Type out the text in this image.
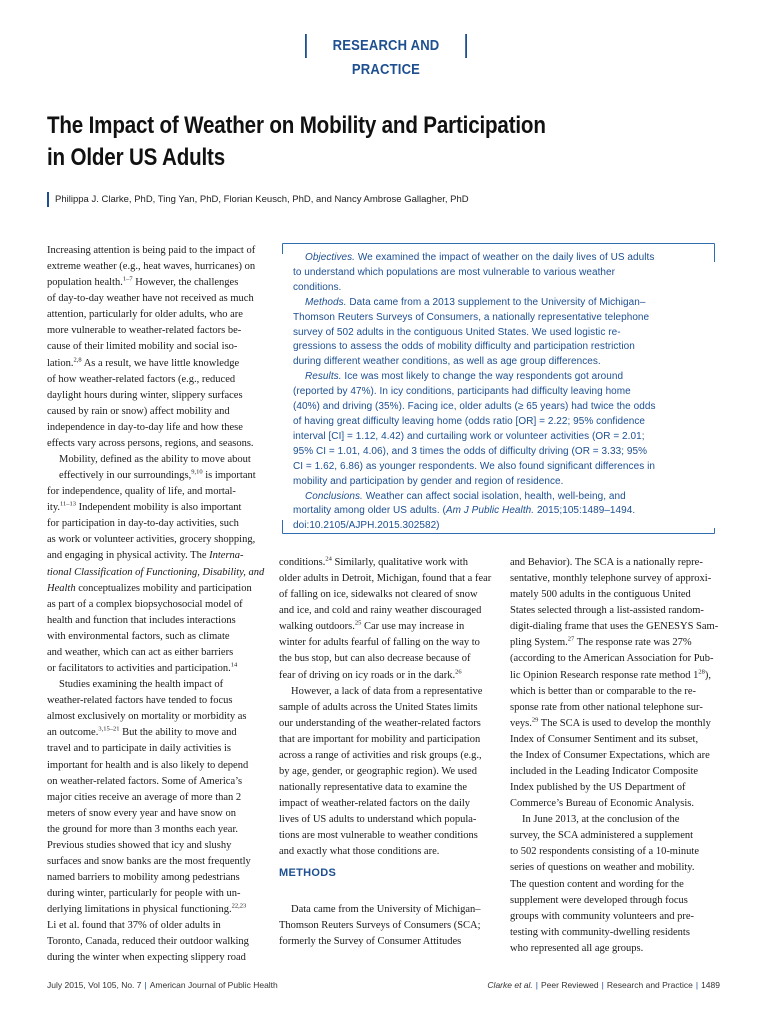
RESEARCH AND PRACTICE
The Impact of Weather on Mobility and Participation
in Older US Adults
Philippa J. Clarke, PhD, Ting Yan, PhD, Florian Keusch, PhD, and Nancy Ambrose Gallagher, PhD

Increasing attention is being paid to the impact of
extreme weather (e.g., heat waves, hurricanes) on
population health.$^{1-7}$ However, the challenges
of day-to-day weather have not received as much
attention, particularly for older adults, who are
more vulnerable to weather-related factors be-
cause of their limited mobility and social iso-
lation.$^{2,8}$ As a result, we have little knowledge
of how weather-related factors (e.g., reduced
daylight hours during winter, slippery surfaces
caused by rain or snow) affect mobility and
independence in day-to-day life and how these
effects vary across persons, regions, and seasons.

Mobility, defined as the ability to move about
effectively in our surroundings,$^{9,10}$ is important
for independence, quality of life, and mortal-
ity.$^{11-13}$ Independent mobility is also important
for participation in day-to-day activities, such
as work or volunteer activities, grocery shopping,
and engaging in physical activity. The Interna-
tional Classification of Functioning, Disability, and
Health conceptualizes mobility and participation
as part of a complex biopsychosocial model of
health and function that includes interactions
with environmental factors, such as climate
and weather, which can act as either barriers
or facilitators to activities and participation.$^{14}$

Studies examining the health impact of
weather-related factors have tended to focus
almost exclusively on mortality or morbidity as
an outcome.$^{3,15-21}$ But the ability to move and
travel and to participate in daily activities is
important for health and is also likely to depend
on weather-related factors. Some of America’s
major cities receive an average of more than 2
meters of snow every year and have snow on
the ground for more than 3 months each year.
Previous studies showed that icy and slushy
surfaces and snow banks are the most frequently
named barriers to mobility among pedestrians
during winter, particularly for people with un-
derlying limitations in physical functioning.$^{22,23}$
Li et al. found that 37% of older adults in
Toronto, Canada, reduced their outdoor walking
during the winter when expecting slippery road

Objectives. We examined the impact of weather on the daily lives of US adults
to understand which populations are most vulnerable to various weather
conditions.
Methods. Data came from a 2013 supplement to the University of Michigan–
Thomson Reuters Surveys of Consumers, a nationally representative telephone
survey of 502 adults in the contiguous United States. We used logistic re-
gressions to assess the odds of mobility difficulty and participation restriction
during different weather conditions, as well as age group differences.
Results. Ice was most likely to change the way respondents got around
(reported by 47%). In icy conditions, participants had difficulty leaving home
(40%) and driving (35%). Facing ice, older adults (≥ 65 years) had twice the odds
of having great difficulty leaving home (odds ratio [OR] = 2.22; 95% confidence
interval [CI] = 1.12, 4.42) and curtailing work or volunteer activities (OR = 2.01;
95% CI = 1.01, 4.06), and 3 times the odds of difficulty driving (OR = 3.33; 95%
CI = 1.62, 6.86) as younger respondents. We also found significant differences in
mobility and participation by gender and region of residence.
Conclusions. Weather can affect social isolation, health, well-being, and
mortality among older US adults. (Am J Public Health. 2015;105:1489–1494.
doi:10.2105/AJPH.2015.302582)

conditions.$^{24}$ Similarly, qualitative work with
older adults in Detroit, Michigan, found that a fear
of falling on ice, sidewalks not cleared of snow
and ice, and cold and rainy weather discouraged
walking outdoors.$^{25}$ Car use may increase in
winter for adults fearful of falling on the way to
the bus stop, but can also decrease because of
fear of driving on icy roads or in the dark.$^{26}$

However, a lack of data from a representative
sample of adults across the United States limits
our understanding of the weather-related factors
that are important for mobility and participation
across a range of activities and risk groups (e.g.,
by age, gender, or geographic region). We used
nationally representative data to examine the
impact of weather-related factors on the daily
lives of US adults to understand which popula-
tions are most vulnerable to weather conditions
and exactly what those conditions are.

METHODS

Data came from the University of Michigan–
Thomson Reuters Surveys of Consumers (SCA;
formerly the Survey of Consumer Attitudes

and Behavior). The SCA is a nationally repre-
sentative, monthly telephone survey of approxi-
mately 500 adults in the contiguous United
States selected through a list-assisted random-
digit-dialing frame that uses the GENESYS Sam-
pling System.$^{27}$ The response rate was 27%
(according to the American Association for Pub-
lic Opinion Research response rate method $1^{28}$),
which is better than or comparable to the re-
sponse rate from other national telephone sur-
veys.$^{29}$ The SCA is used to develop the monthly
Index of Consumer Sentiment and its subset,
the Index of Consumer Expectations, which are
included in the Leading Indicator Composite
Index published by the US Department of
Commerce’s Bureau of Economic Analysis.

In June 2013, at the conclusion of the
survey, the SCA administered a supplement
to 502 respondents consisting of a 10-minute
series of questions on weather and mobility.
The question content and wording for the
supplement were developed through focus
groups with community volunteers and pre-
testing with community-dwelling residents
who represented all age groups.

July 2015, Vol 105, No. 7 | American Journal of Public Health	Clarke et al. | Peer Reviewed | Research and Practice | 1489
